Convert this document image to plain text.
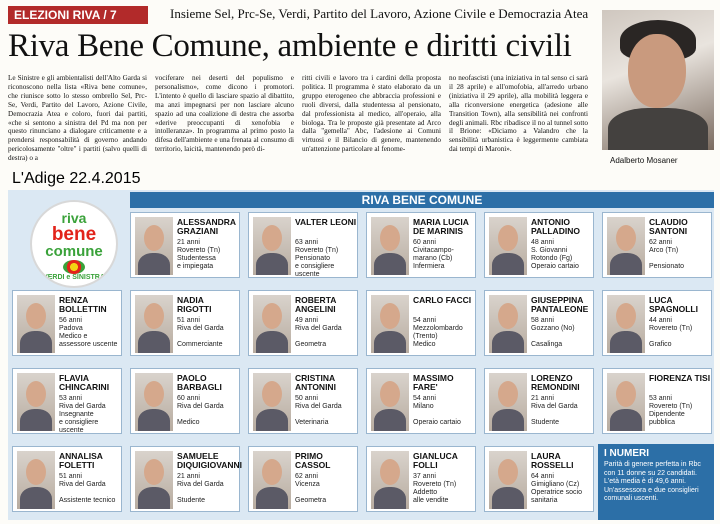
ELEZIONI RIVA / 7	Insieme Sel, Prc-Se, Verdi, Partito del Lavoro, Azione Civile e Democrazia Atea
Riva Bene Comune, ambiente e diritti civili

Le Sinistre e gli ambientalisti dell'Alto Garda si riconoscono nella lista «Riva bene comune», che riunisce sotto lo stesso ombrello Sel, Prc-Se, Verdi, Partito del Lavoro, Azione Civile, Democrazia Atea e coloro, fuori dai partiti, «che si sentono a sinistra del Pd ma non per questo rinunciano a dialogare criticamente e a prendersi responsabilità di governo andando pericolosamente "oltre" i partiti (salvo quelli di destra) o a

vociferare nei deserti del populismo e personalismo», come dicono i promotori. L'intento è quello di lasciare spazio al dibattito, ma anzi impegnarsi per non lasciare alcuno spazio ad una coalizione di destra che assorba «derive preoccupanti di xenofobia e intolleranza». In programma al primo posto la difesa dell'ambiente e una frenata al consumo di territorio, laicità, mantenendo però di-

ritti civili e lavoro tra i cardini della proposta politica. Il programma è stato elaborato da un gruppo eterogeneo che abbraccia professioni e ruoli diversi, dalla studentessa al pensionato, dal professionista al medico, all'operaio, alla biologa. Tra le proposte già presentate ad Arco dalla "gemella" Abc, l'adesione ai Comuni virtuosi e il Bilancio di genere, mantenendo un'attenzione particolare al fenome-

no neofascisti (una iniziativa in tal senso ci sarà il 28 aprile) e all'omofobia, all'arredo urbano (iniziativa il 29 aprile), alla mobilità leggera e alla riconversione energetica (adesione alle Transition Town), alla sensibilità nei confronti degli animali. Rbc ribadisce il no al tunnel sotto il Brione: «Diciamo a Valandro che la sensibilità urbanistica è leggermente cambiata dai tempi di Maroni».

Adalberto Mosaner
L'Adige 22.4.2015
RIVA BENE COMUNE
riva
bene
comune
VERDI e SINISTRA
ALESSANDRA GRAZIANI
21 anni
Rovereto (Tn)
Studentessa
e impiegata
VALTER LEONI
63 anni
Rovereto (Tn)
Pensionato
e consigliere
uscente
MARIA LUCIA DE MARINIS
60 anni
Civitacampo-
marano (Cb)
Infermiera
ANTONIO PALLADINO
48 anni
S. Giovanni
Rotondo (Fg)
Operaio cartaio
CLAUDIO SANTONI
62 anni
Arco (Tn)

Pensionato
RENZA BOLLETTIN
56 anni
Padova
Medico e
assessore uscente
NADIA RIGOTTI
51 anni
Riva del Garda

Commerciante
ROBERTA ANGELINI
49 anni
Riva del Garda

Geometra
CARLO FACCI
54 anni
Mezzolombardo
(Trento)
Medico
GIUSEPPINA PANTALEONE
58 anni
Gozzano (No)

Casalinga
LUCA SPAGNOLLI
44 anni
Rovereto (Tn)

Grafico
FLAVIA CHINCARINI
53 anni
Riva del Garda
Insegnante
e consigliere
uscente
PAOLO BARBAGLI
60 anni
Riva del Garda

Medico
CRISTINA ANTONINI
50 anni
Riva del Garda

Veterinaria
MASSIMO FARE'
54 anni
Milano

Operaio cartaio
LORENZO REMONDINI
21 anni
Riva del Garda

Studente
FIORENZA TISI
53 anni
Rovereto (Tn)
Dipendente
pubblica
ANNALISA FOLETTI
51 anni
Riva del Garda

Assistente tecnico
SAMUELE DIQUIGIOVANNI
21 anni
Riva del Garda

Studente
PRIMO CASSOL
62 anni
Vicenza

Geometra
GIANLUCA FOLLI
37 anni
Rovereto (Tn)
Addetto
alle vendite
LAURA ROSSELLI
64 anni
Gimigliano (Cz)
Operatrice socio
sanitaria
I NUMERI
Parità di genere perfetta in Rbc con 11 donne su 22 candidati. L'età media è di 49,6 anni. Un'assessora e due consiglieri comunali uscenti.
